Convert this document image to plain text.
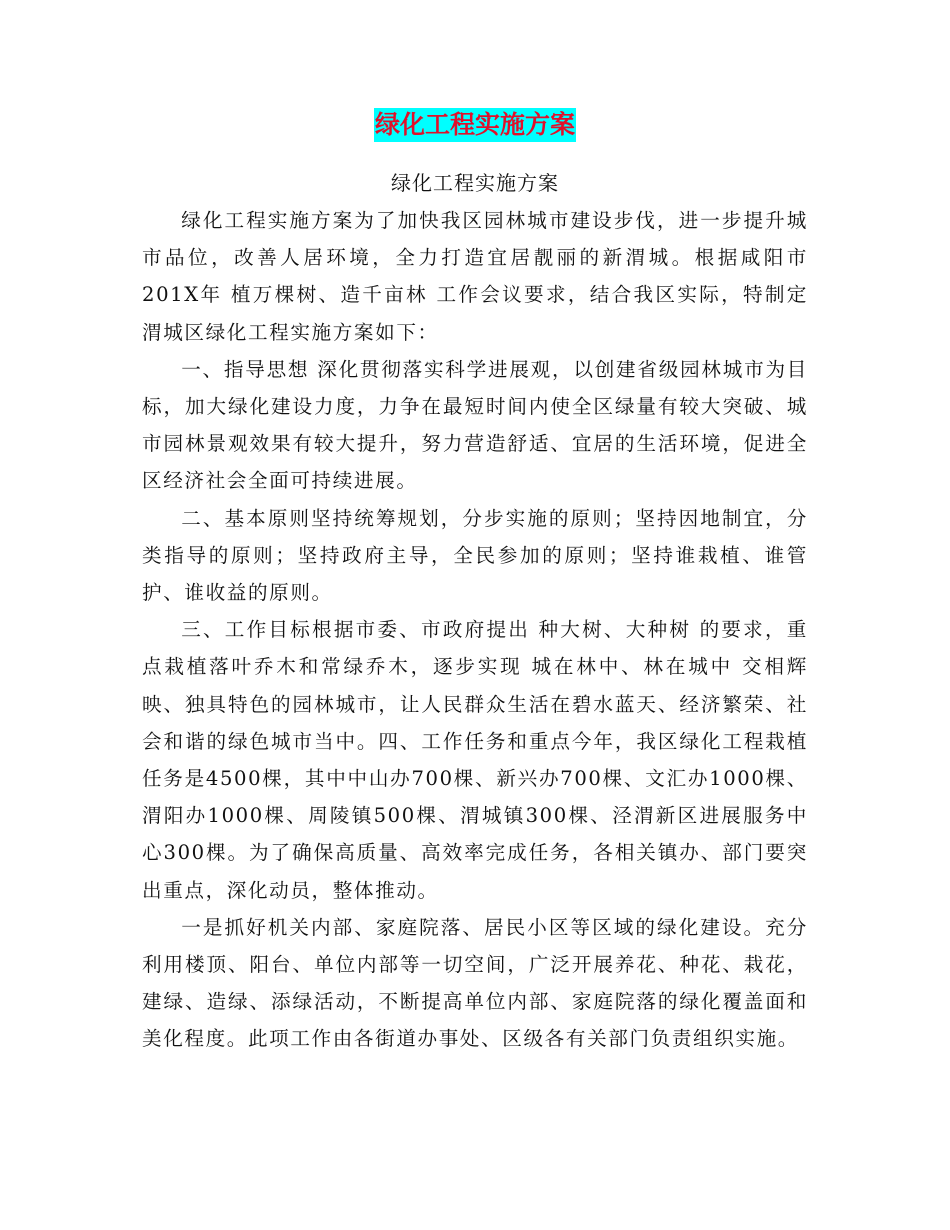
绿化工程实施方案
绿化工程实施方案

绿化工程实施方案为了加快我区园林城市建设步伐，进一步提升城市品位，改善人居环境，全力打造宜居靓丽的新渭城。根据咸阳市201X年 植万棵树、造千亩林 工作会议要求，结合我区实际，特制定渭城区绿化工程实施方案如下：

一、指导思想 深化贯彻落实科学进展观，以创建省级园林城市为目标，加大绿化建设力度，力争在最短时间内使全区绿量有较大突破、城市园林景观效果有较大提升，努力营造舒适、宜居的生活环境，促进全区经济社会全面可持续进展。

二、基本原则坚持统筹规划，分步实施的原则；坚持因地制宜，分类指导的原则；坚持政府主导，全民参加的原则；坚持谁栽植、谁管护、谁收益的原则。

三、工作目标根据市委、市政府提出 种大树、大种树 的要求，重点栽植落叶乔木和常绿乔木，逐步实现 城在林中、林在城中 交相辉映、独具特色的园林城市，让人民群众生活在碧水蓝天、经济繁荣、社会和谐的绿色城市当中。四、工作任务和重点今年，我区绿化工程栽植任务是4500棵，其中中山办700棵、新兴办700棵、文汇办1000棵、渭阳办1000棵、周陵镇500棵、渭城镇300棵、泾渭新区进展服务中心300棵。为了确保高质量、高效率完成任务，各相关镇办、部门要突出重点，深化动员，整体推动。

一是抓好机关内部、家庭院落、居民小区等区域的绿化建设。充分利用楼顶、阳台、单位内部等一切空间，广泛开展养花、种花、栽花，建绿、造绿、添绿活动，不断提高单位内部、家庭院落的绿化覆盖面和美化程度。此项工作由各街道办事处、区级各有关部门负责组织实施。
